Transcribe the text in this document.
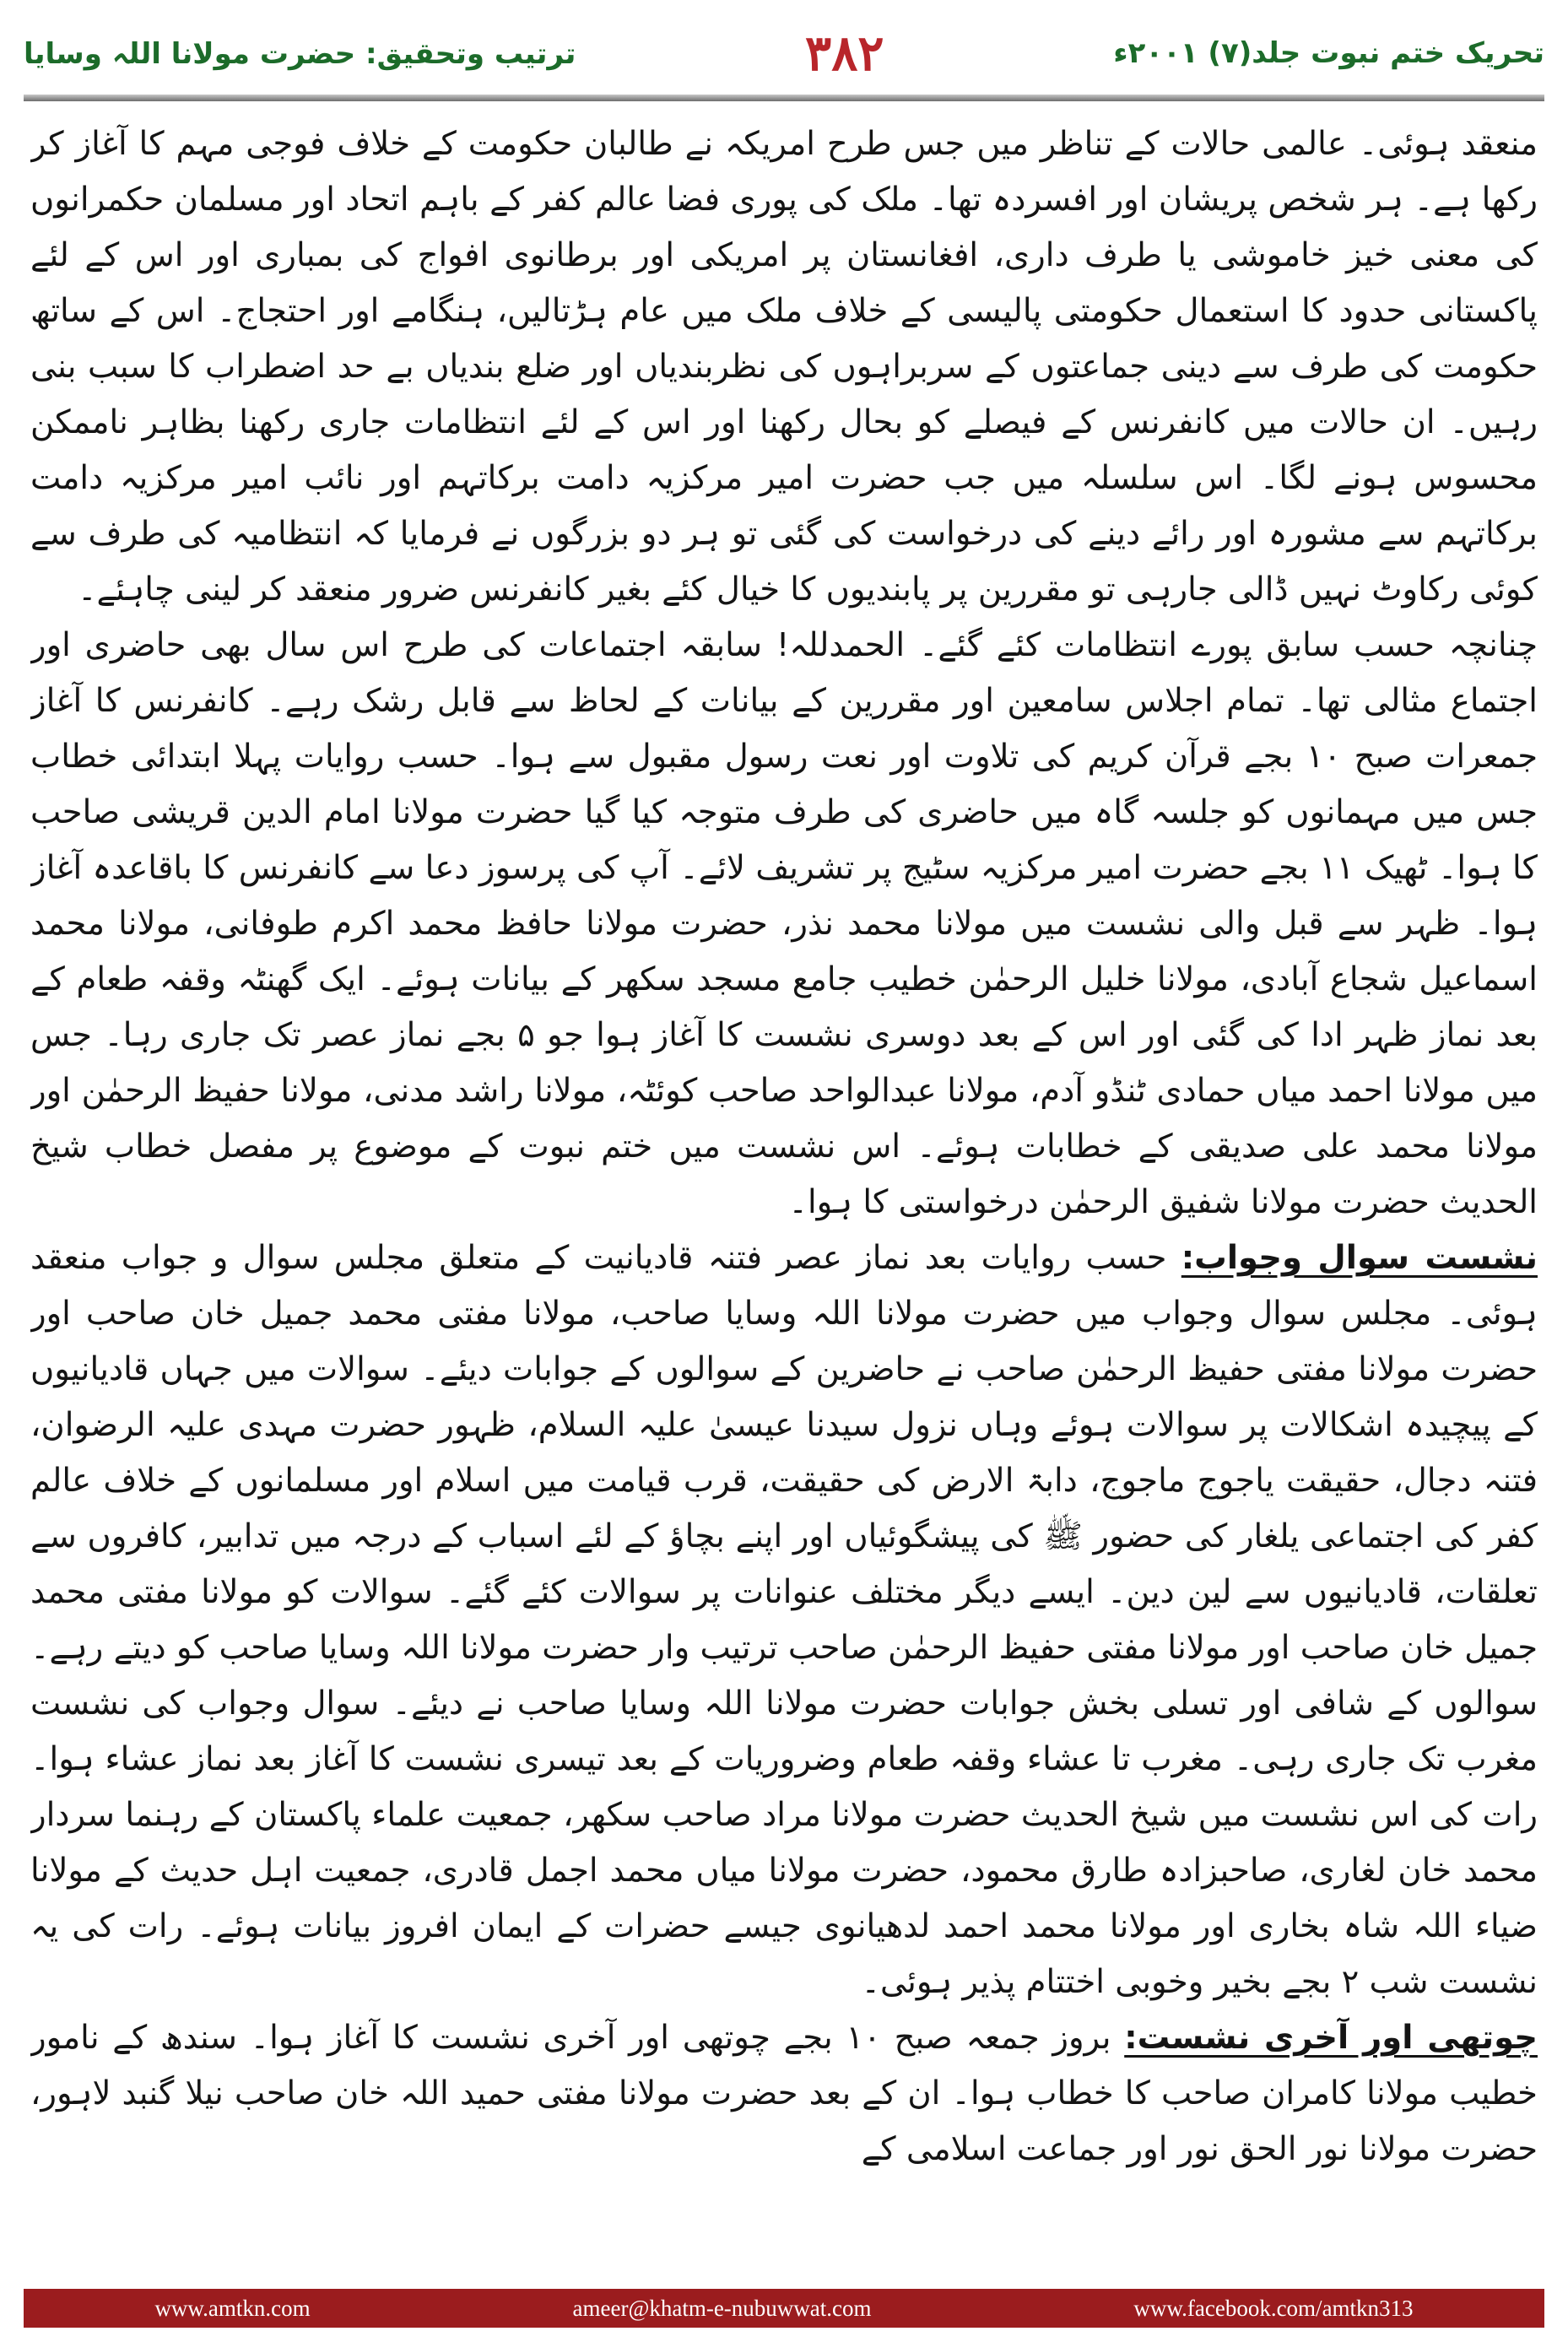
تحریک ختم نبوت جلد(۷) ۲۰۰۱ء
۳۸۲
ترتیب وتحقیق: حضرت مولانا اللہ وسایا

منعقد ہوئی۔ عالمی حالات کے تناظر میں جس طرح امریکہ نے طالبان حکومت کے خلاف فوجی مہم کا آغاز کر رکھا ہے۔ ہر شخص پریشان اور افسردہ تھا۔ ملک کی پوری فضا عالم کفر کے باہم اتحاد اور مسلمان حکمرانوں کی معنی خیز خاموشی یا طرف داری، افغانستان پر امریکی اور برطانوی افواج کی بمباری اور اس کے لئے پاکستانی حدود کا استعمال حکومتی پالیسی کے خلاف ملک میں عام ہڑتالیں، ہنگامے اور احتجاج۔ اس کے ساتھ حکومت کی طرف سے دینی جماعتوں کے سربراہوں کی نظربندیاں اور ضلع بندیاں بے حد اضطراب کا سبب بنی رہیں۔ ان حالات میں کانفرنس کے فیصلے کو بحال رکھنا اور اس کے لئے انتظامات جاری رکھنا بظاہر ناممکن محسوس ہونے لگا۔ اس سلسلہ میں جب حضرت امیر مرکزیہ دامت برکاتہم اور نائب امیر مرکزیہ دامت برکاتہم سے مشورہ اور رائے دینے کی درخواست کی گئی تو ہر دو بزرگوں نے فرمایا کہ انتظامیہ کی طرف سے کوئی رکاوٹ نہیں ڈالی جارہی تو مقررین پر پابندیوں کا خیال کئے بغیر کانفرنس ضرور منعقد کر لینی چاہئے۔

چنانچہ حسب سابق پورے انتظامات کئے گئے۔ الحمدللہ! سابقہ اجتماعات کی طرح اس سال بھی حاضری اور اجتماع مثالی تھا۔ تمام اجلاس سامعین اور مقررین کے بیانات کے لحاظ سے قابل رشک رہے۔ کانفرنس کا آغاز جمعرات صبح ۱۰ بجے قرآن کریم کی تلاوت اور نعت رسول مقبول سے ہوا۔ حسب روایات پہلا ابتدائی خطاب جس میں مہمانوں کو جلسہ گاہ میں حاضری کی طرف متوجہ کیا گیا حضرت مولانا امام الدین قریشی صاحب کا ہوا۔ ٹھیک ۱۱ بجے حضرت امیر مرکزیہ سٹیج پر تشریف لائے۔ آپ کی پرسوز دعا سے کانفرنس کا باقاعدہ آغاز ہوا۔ ظہر سے قبل والی نشست میں مولانا محمد نذر، حضرت مولانا حافظ محمد اکرم طوفانی، مولانا محمد اسماعیل شجاع آبادی، مولانا خلیل الرحمٰن خطیب جامع مسجد سکھر کے بیانات ہوئے۔ ایک گھنٹہ وقفہ طعام کے بعد نماز ظہر ادا کی گئی اور اس کے بعد دوسری نشست کا آغاز ہوا جو ۵ بجے نماز عصر تک جاری رہا۔ جس میں مولانا احمد میاں حمادی ٹنڈو آدم، مولانا عبدالواحد صاحب کوئٹہ، مولانا راشد مدنی، مولانا حفیظ الرحمٰن اور مولانا محمد علی صدیقی کے خطابات ہوئے۔ اس نشست میں ختم نبوت کے موضوع پر مفصل خطاب شیخ الحدیث حضرت مولانا شفیق الرحمٰن درخواستی کا ہوا۔

نشست سوال وجواب: حسب روایات بعد نماز عصر فتنہ قادیانیت کے متعلق مجلس سوال و جواب منعقد ہوئی۔ مجلس سوال وجواب میں حضرت مولانا اللہ وسایا صاحب، مولانا مفتی محمد جمیل خان صاحب اور حضرت مولانا مفتی حفیظ الرحمٰن صاحب نے حاضرین کے سوالوں کے جوابات دیئے۔ سوالات میں جہاں قادیانیوں کے پیچیدہ اشکالات پر سوالات ہوئے وہاں نزول سیدنا عیسیٰ علیہ السلام، ظہور حضرت مہدی علیہ الرضوان، فتنہ دجال، حقیقت یاجوج ماجوج، دابۃ الارض کی حقیقت، قرب قیامت میں اسلام اور مسلمانوں کے خلاف عالم کفر کی اجتماعی یلغار کی حضور ﷺ کی پیشگوئیاں اور اپنے بچاؤ کے لئے اسباب کے درجہ میں تدابیر، کافروں سے تعلقات، قادیانیوں سے لین دین۔ ایسے دیگر مختلف عنوانات پر سوالات کئے گئے۔ سوالات کو مولانا مفتی محمد جمیل خان صاحب اور مولانا مفتی حفیظ الرحمٰن صاحب ترتیب وار حضرت مولانا اللہ وسایا صاحب کو دیتے رہے۔ سوالوں کے شافی اور تسلی بخش جوابات حضرت مولانا اللہ وسایا صاحب نے دیئے۔ سوال وجواب کی نشست مغرب تک جاری رہی۔ مغرب تا عشاء وقفہ طعام وضروریات کے بعد تیسری نشست کا آغاز بعد نماز عشاء ہوا۔ رات کی اس نشست میں شیخ الحدیث حضرت مولانا مراد صاحب سکھر، جمعیت علماء پاکستان کے رہنما سردار محمد خان لغاری، صاحبزادہ طارق محمود، حضرت مولانا میاں محمد اجمل قادری، جمعیت اہل حدیث کے مولانا ضیاء اللہ شاہ بخاری اور مولانا محمد احمد لدھیانوی جیسے حضرات کے ایمان افروز بیانات ہوئے۔ رات کی یہ نشست شب ۲ بجے بخیر وخوبی اختتام پذیر ہوئی۔

چوتھی اور آخری نشست: بروز جمعہ صبح ۱۰ بجے چوتھی اور آخری نشست کا آغاز ہوا۔ سندھ کے نامور خطیب مولانا کامران صاحب کا خطاب ہوا۔ ان کے بعد حضرت مولانا مفتی حمید اللہ خان صاحب نیلا گنبد لاہور، حضرت مولانا نور الحق نور اور جماعت اسلامی کے

www.amtkn.com	ameer@khatm-e-nubuwwat.com	www.facebook.com/amtkn313
